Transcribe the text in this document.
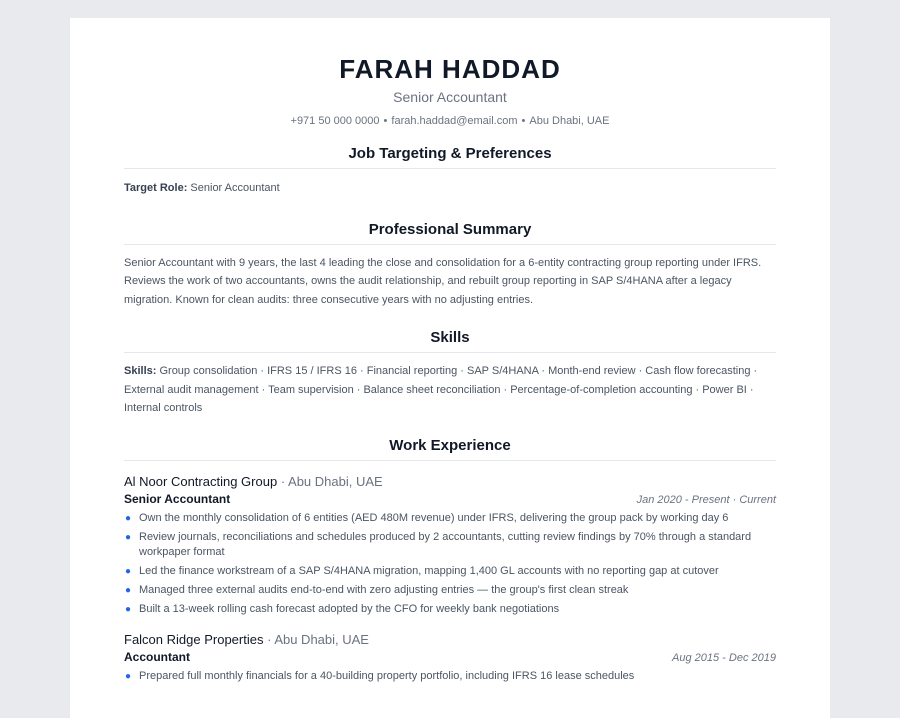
FARAH HADDAD
Senior Accountant
+971 50 000 0000 • farah.haddad@email.com • Abu Dhabi, UAE
Job Targeting & Preferences
Target Role: Senior Accountant
Professional Summary
Senior Accountant with 9 years, the last 4 leading the close and consolidation for a 6-entity contracting group reporting under IFRS. Reviews the work of two accountants, owns the audit relationship, and rebuilt group reporting in SAP S/4HANA after a legacy migration. Known for clean audits: three consecutive years with no adjusting entries.
Skills
Skills: Group consolidation · IFRS 15 / IFRS 16 · Financial reporting · SAP S/4HANA · Month-end review · Cash flow forecasting · External audit management · Team supervision · Balance sheet reconciliation · Percentage-of-completion accounting · Power BI · Internal controls
Work Experience
Al Noor Contracting Group · Abu Dhabi, UAE
Senior Accountant	Jan 2020 - Present · Current
● Own the monthly consolidation of 6 entities (AED 480M revenue) under IFRS, delivering the group pack by working day 6
● Review journals, reconciliations and schedules produced by 2 accountants, cutting review findings by 70% through a standard workpaper format
● Led the finance workstream of a SAP S/4HANA migration, mapping 1,400 GL accounts with no reporting gap at cutover
● Managed three external audits end-to-end with zero adjusting entries — the group's first clean streak
● Built a 13-week rolling cash forecast adopted by the CFO for weekly bank negotiations
Falcon Ridge Properties · Abu Dhabi, UAE
Accountant	Aug 2015 - Dec 2019
● Prepared full monthly financials for a 40-building property portfolio, including IFRS 16 lease schedules
